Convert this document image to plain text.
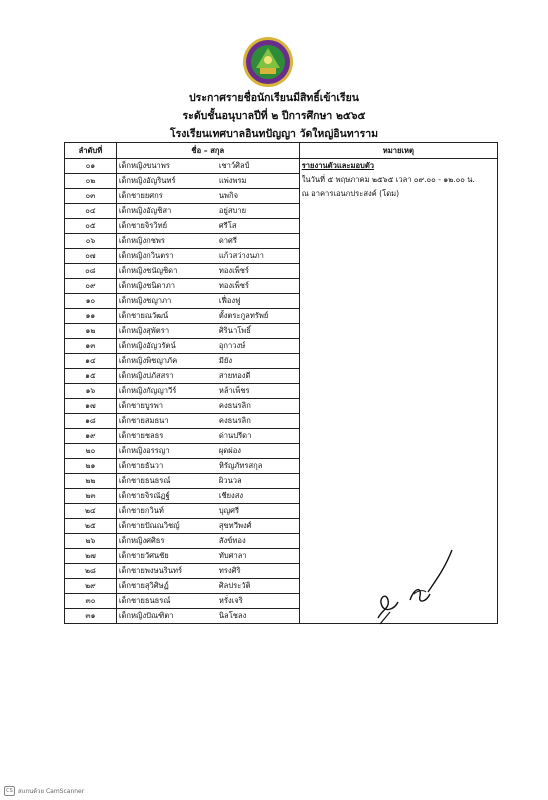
ประกาศรายชื่อนักเรียนมีสิทธิ์เข้าเรียน
ระดับชั้นอนุบาลปีที่ ๒ ปีการศึกษา ๒๕๖๕
โรงเรียนเทศบาลอินทปัญญา วัดใหญ่อินทาราม
ลำดับที่	ชื่อ – สกุล	หมายเหตุ
๐๑	เด็กหญิงขนาพร เชาว์ศิลป์	รายงานตัวและมอบตัว
ในวันที่ ๕ พฤษภาคม ๒๕๖๕ เวลา ๐๙.๐๐ - ๑๒.๐๐ น.
ณ อาคารเอนกประสงค์ (โดม)

๐๒	เด็กหญิงอัญรินทร์ แพ่งพรม	
๐๓	เด็กชายยศกร นพกิจ	
๐๔	เด็กหญิงอัญชิสา อยู่สบาย	
๐๕	เด็กชายจิรวิทย์ ศรีโส	
๐๖	เด็กหญิงกชพร ดาศรี	
๐๗	เด็กหญิงกวินตรา แก้วสว่างนภา	
๐๘	เด็กหญิงชนัญชิดา ทองเพ็ชร์	
๐๙	เด็กหญิงชนิดาภา ทองเพ็ชร์	
๑๐	เด็กหญิงชญาภา เฟื่องฟู	
๑๑	เด็กชายณวัฒน์ ตั้งตระกูลทรัพย์	
๑๒	เด็กหญิงสุพัตรา ศิรินาโพธิ์	
๑๓	เด็กหญิงอัญวรัตน์ อุกาวงษ์	
๑๔	เด็กหญิงพิชญาภัค มียัง	
๑๕	เด็กหญิงปภัสสรา สายทองดี	
๑๖	เด็กหญิงกัญญาวีร์ หล้าเพ็ชร	
๑๗	เด็กชายบูรพา คงธนรลิก	
๑๘	เด็กชายสมธนา คงธนรลิก	
๑๙	เด็กชายชลธร ด่านปรีดา	
๒๐	เด็กหญิงอรรญา ผุดผ่อง	
๒๑	เด็กชายธันวา หิรัญภัทรสกุล	
๒๒	เด็กชายธนธรณ์ ผิวนวล	
๒๓	เด็กชายจิรณัฏฐ์ เชียงสง	
๒๔	เด็กชายกวินท์ บุญศรี	
๒๕	เด็กชายปัณณวิชญ์ สุขทวีพงศ์	
๒๖	เด็กหญิงศศิธร สังข์ทอง	
๒๗	เด็กชายวัศนชัย ทับศาลา	
๒๘	เด็กชายพงษนรินทร์ ทรงศิริ	
๒๙	เด็กชายสุวิศิษฏ์ ศิลประวัติ	
๓๐	เด็กชายธนธรณ์ หรั่งเจริ	
๓๑	เด็กหญิงปัณฑิตา นิลโชลง	
CS สแกนด้วย CamScanner
